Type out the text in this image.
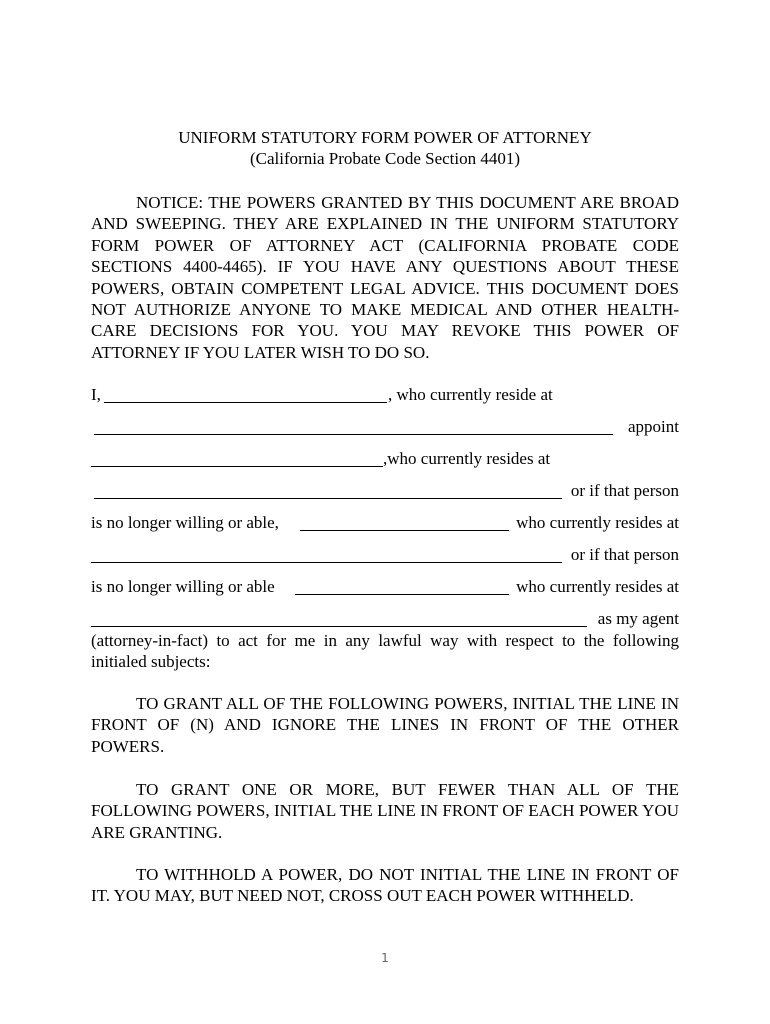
UNIFORM STATUTORY FORM POWER OF ATTORNEY
(California Probate Code Section 4401)

NOTICE: THE POWERS GRANTED BY THIS DOCUMENT ARE BROAD AND SWEEPING. THEY ARE EXPLAINED IN THE UNIFORM STATUTORY FORM POWER OF ATTORNEY ACT (CALIFORNIA PROBATE CODE SECTIONS 4400-4465). IF YOU HAVE ANY QUESTIONS ABOUT THESE POWERS, OBTAIN COMPETENT LEGAL ADVICE. THIS DOCUMENT DOES NOT AUTHORIZE ANYONE TO MAKE MEDICAL AND OTHER HEALTH-CARE DECISIONS FOR YOU. YOU MAY REVOKE THIS POWER OF ATTORNEY IF YOU LATER WISH TO DO SO.

I,	, who currently reside at
appoint
,who currently resides at
or if that person
is no longer willing or able,	who currently resides at
or if that person
is no longer willing or able	who currently resides at
as my agent

(attorney-in-fact) to act for me in any lawful way with respect to the following initialed subjects:

TO GRANT ALL OF THE FOLLOWING POWERS, INITIAL THE LINE IN FRONT OF (N) AND IGNORE THE LINES IN FRONT OF THE OTHER POWERS.

TO GRANT ONE OR MORE, BUT FEWER THAN ALL OF THE FOLLOWING POWERS, INITIAL THE LINE IN FRONT OF EACH POWER YOU ARE GRANTING.

TO WITHHOLD A POWER, DO NOT INITIAL THE LINE IN FRONT OF IT. YOU MAY, BUT NEED NOT, CROSS OUT EACH POWER WITHHELD.

1
